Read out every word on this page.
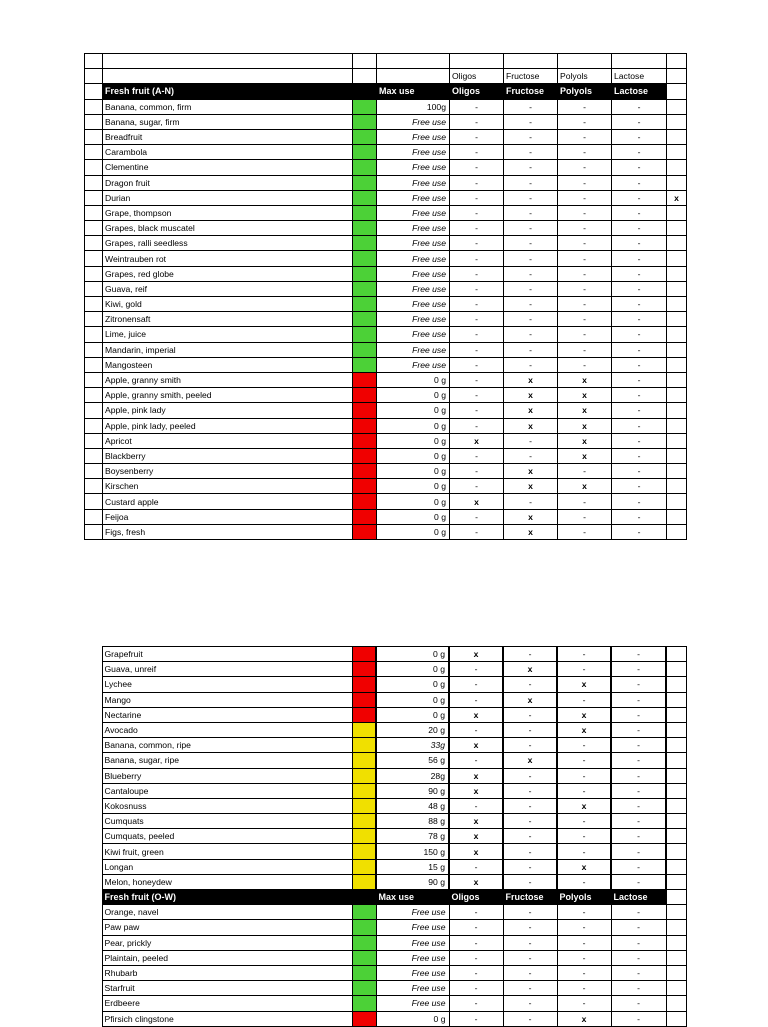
				Oligos	Fructose	Polyols	Lactose	
	Fresh fruit (A-N)		Max use	Oligos	Fructose	Polyols	Lactose	
	Banana, common, firm		100g	-	-	-	-	
	Banana, sugar, firm		Free use	-	-	-	-	
	Breadfruit		Free use	-	-	-	-	
	Carambola		Free use	-	-	-	-	
	Clementine		Free use	-	-	-	-	
	Dragon fruit		Free use	-	-	-	-	
	Durian		Free use	-	-	-	-	x
	Grape, thompson		Free use	-	-	-	-	
	Grapes, black muscatel		Free use	-	-	-	-	
	Grapes, ralli seedless		Free use	-	-	-	-	
	Weintrauben rot		Free use	-	-	-	-	
	Grapes, red globe		Free use	-	-	-	-	
	Guava, reif		Free use	-	-	-	-	
	Kiwi, gold		Free use	-	-	-	-	
	Zitronensaft		Free use	-	-	-	-	
	Lime, juice		Free use	-	-	-	-	
	Mandarin, imperial		Free use	-	-	-	-	
	Mangosteen		Free use	-	-	-	-	
	Apple, granny smith		0 g	-	x	x	-	
	Apple, granny smith, peeled		0 g	-	x	x	-	
	Apple, pink lady		0 g	-	x	x	-	
	Apple, pink lady, peeled		0 g	-	x	x	-	
	Apricot		0 g	x	-	x	-	
	Blackberry		0 g	-	-	x	-	
	Boysenberry		0 g	-	x	-	-	
	Kirschen		0 g	-	x	x	-	
	Custard apple		0 g	x	-	-	-	
	Feijoa		0 g	-	x	-	-	
	Figs, fresh		0 g	-	x	-	-	
	Grapefruit		0 g	x	-	-	-	
	Guava, unreif		0 g	-	x	-	-	
	Lychee		0 g	-	-	x	-	
	Mango		0 g	-	x	-	-	
	Nectarine		0 g	x	-	x	-	
	Avocado		20 g	-	-	x	-	
	Banana, common, ripe		33g	x	-	-	-	
	Banana, sugar, ripe		56 g	-	x	-	-	
	Blueberry		28g	x	-	-	-	
	Cantaloupe		90 g	x	-	-	-	
	Kokosnuss		48 g	-	-	x	-	
	Cumquats		88 g	x	-	-	-	
	Cumquats, peeled		78 g	x	-	-	-	
	Kiwi fruit, green		150 g	x	-	-	-	
	Longan		15 g	-	-	x	-	
	Melon, honeydew		90 g	x	-	-	-	
	Fresh fruit (O-W)		Max use	Oligos	Fructose	Polyols	Lactose	
	Orange, navel		Free use	-	-	-	-	
	Paw paw		Free use	-	-	-	-	
	Pear, prickly		Free use	-	-	-	-	
	Plaintain, peeled		Free use	-	-	-	-	
	Rhubarb		Free use	-	-	-	-	
	Starfruit		Free use	-	-	-	-	
	Erdbeere		Free use	-	-	-	-	
	Pfirsich clingstone		0 g	-	-	x	-	
